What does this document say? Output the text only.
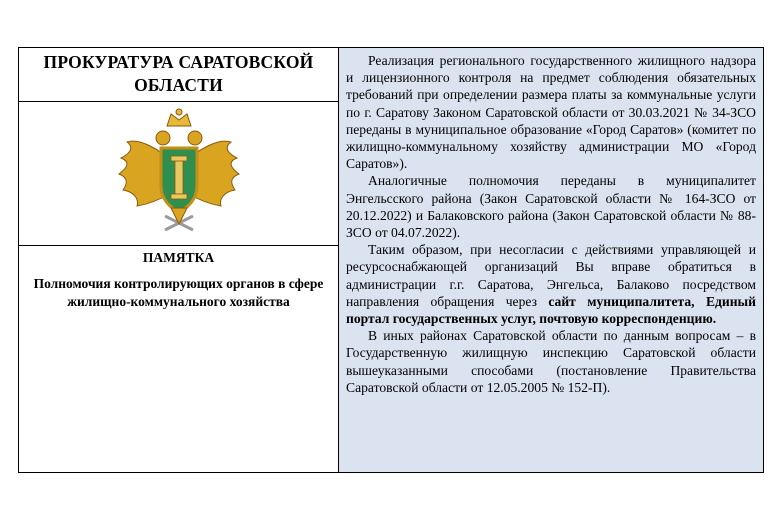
ПРОКУРАТУРА САРАТОВСКОЙ
ОБЛАСТИ
ПАМЯТКА
Полномочия контролирующих органов в сфере жилищно-коммунального хозяйства

Реализация регионального государственного жилищного надзора и лицензионного контроля на предмет соблюдения обязательных требований при определении размера платы за коммунальные услуги по г. Саратову Законом Саратовской области от 30.03.2021 № 34-ЗСО переданы в муниципальное образование «Город Саратов» (комитет по жилищно-коммунальному хозяйству администрации МО «Город Саратов»).

Аналогичные полномочия переданы в муниципалитет Энгельсского района (Закон Саратовской области № 164-ЗСО от 20.12.2022) и Балаковского района (Закон Саратовской области № 88-ЗСО от 04.07.2022).

Таким образом, при несогласии с действиями управляющей и ресурсоснабжающей организаций Вы вправе обратиться в администрации г.г. Саратова, Энгельса, Балаково посредством направления обращения через сайт муниципалитета, Единый портал государственных услуг, почтовую корреспонденцию.

В иных районах Саратовской области по данным вопросам – в Государственную жилищную инспекцию Саратовской области вышеуказанными способами (постановление Правительства Саратовской области от 12.05.2005 № 152-П).
